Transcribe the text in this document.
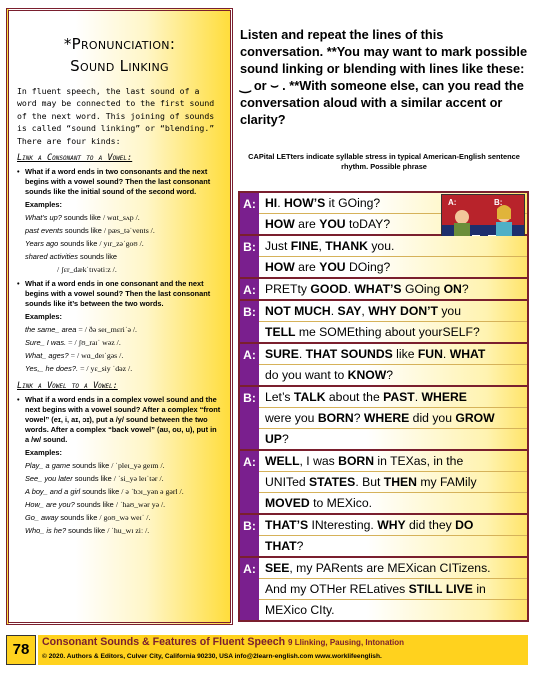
*Pronunciation:
Sound Linking
In fluent speech, the last sound of a word may be connected to the first sound of the next word. This joining of sounds is called “sound linking” or “blending.” There are four kinds:
Link a Consonant to a Vowel:
• What if a word ends in two consonants and the next begins with a vowel sound? Then the last consonant sounds like the initial sound of the second word.
Examples:
What’s up? sounds like / wɑt ̲ sʌp /.
past events sounds like / pæs ̲ təˈvents /.
Years ago sounds like / yɪr ̲ zəˈgoʊ /.
shared activities sounds like
/ ʃɛr ̲ dækˈtɪvətiːz /.
• What if a word ends in one consonant and the next begins with a vowel sound? Then the last consonant sounds like it’s between the two words.
Examples:
the same_ area = / ðə seɪ ̲ mɛriˈə /.
Sure_ I was. = / ʃʊ ̲ raɪˈ wəz /.
What_ ages? = / wɑ ̲ deɪˈgəs /.
Yes,_ he does?. = / yɛ ̲ siy ˈdəz /.
Link a Vowel to a Vowel:
• What if a word ends in a complex vowel sound and the next begins with a vowel sound? After a complex “front vowel” (eɪ, i, aɪ, ɔɪ), put a /y/ sound between the two words. After a complex “back vowel” (aʊ, oʊ, u), put in a /w/ sound.
Examples:
Play_ a game sounds like / ˈpleɪ ̲ yə geɪm /.
See_ you later sounds like / ˈsi ̲ yə leɪˈtər /.
A boy_ and a girl sounds like / ə ˈbɔɪ ̲ yən ə gərl /.
How_ are you? sounds like / ˈhaʊ ̲ wər yə /.
Go_ away sounds like / goʊ ̲ wə weɪˈ /.
Who_ is he? sounds like / ˈhu ̲ wɪ ziː /.
Listen and repeat the lines of this conversation. **You may want to mark possible sound linking or blending with lines like these: ‿ or ⌣ . **With someone else, can you read the conversation aloud with a similar accent or clarity?
CAPital LETters indicate syllable stress in typical American-English sentence rhythm. Possible phrase
A: HI. HOW’S it GOing?
HOW are YOU toDAY?
A:	B:
B: Just FINE, THANK you.
HOW are YOU DOing?
A: PRETty GOOD. WHAT’S GOing ON?
B: NOT MUCH. SAY, WHY DON’T you
TELL me SOMEthing about yourSELF?
A: SURE. THAT SOUNDS like FUN. WHAT
do you want to KNOW?
B: Let’s TALK about the PAST. WHERE
were you BORN? WHERE did you GROW
UP?
A: WELL, I was BORN in TEXas, in the
UNITed STATES. But THEN my FAMily
MOVED to MEXico.
B: THAT’S INteresting. WHY did they DO
THAT?
A: SEE, my PARents are MEXican CITizens.
And my OTHer RELatives STILL LIVE in
MEXico CIty.
78	Consonant Sounds & Features of Fluent Speech 9 Llinking, Pausing, Intonation
© 2020. Authors & Editors, Culver City, California 90230, USA info@2learn-english.com www.worklifeenglish.
